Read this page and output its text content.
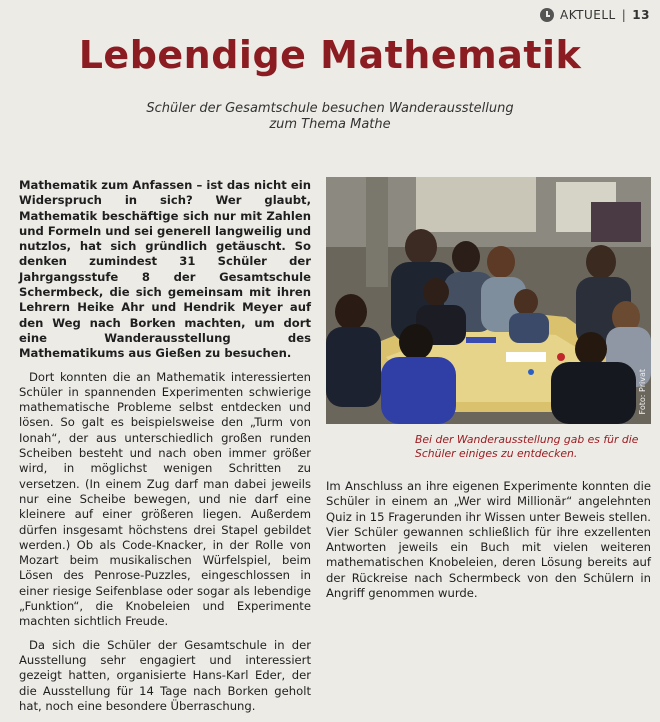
AKTUELL | 13
Lebendige Mathematik
Schüler der Gesamtschule besuchen Wanderausstellung
zum Thema Mathe

Mathematik zum Anfassen – ist das nicht ein Widerspruch in sich? Wer glaubt, Mathematik beschäftige sich nur mit Zahlen und Formeln und sei generell langweilig und nutzlos, hat sich gründlich getäuscht. So denken zumindest 31 Schüler der Jahrgangsstufe 8 der Gesamtschule Schermbeck, die sich gemeinsam mit ihren Lehrern Heike Ahr und Hendrik Meyer auf den Weg nach Borken machten, um dort eine Wanderausstellung des Mathematikums aus Gießen zu besuchen.

Dort konnten die an Mathematik interessierten Schüler in spannenden Experimenten schwierige mathematische Probleme selbst entdecken und lösen. So galt es beispielsweise den „Turm von Ionah“, der aus unterschiedlich großen runden Scheiben besteht und nach oben immer größer wird, in möglichst wenigen Schritten zu versetzen. (In einem Zug darf man dabei jeweils nur eine Scheibe bewegen, und nie darf eine kleinere auf einer größeren liegen. Außerdem dürfen insgesamt höchstens drei Stapel gebildet werden.) Ob als Code-Knacker, in der Rolle von Mozart beim musikalischen Würfelspiel, beim Lösen des Penrose-Puzzles, eingeschlossen in einer riesige Seifenblase oder sogar als lebendige „Funktion“, die Knobeleien und Experimente machten sichtlich Freude.

Da sich die Schüler der Gesamtschule in der Ausstellung sehr engagiert und interessiert gezeigt hatten, organisierte Hans-Karl Eder, der die Ausstellung für 14 Tage nach Borken geholt hat, noch eine besondere Überraschung.

Foto: Privat
Bei der Wanderausstellung gab es für die Schüler einiges zu entdecken.

Im Anschluss an ihre eigenen Experimente konnten die Schüler in einem an „Wer wird Millionär“ angelehnten Quiz in 15 Fragerunden ihr Wissen unter Beweis stellen. Vier Schüler gewannen schließlich für ihre exzellenten Antworten jeweils ein Buch mit vielen weiteren mathematischen Knobeleien, deren Lösung bereits auf der Rückreise nach Schermbeck von den Schülern in Angriff genommen wurde.
